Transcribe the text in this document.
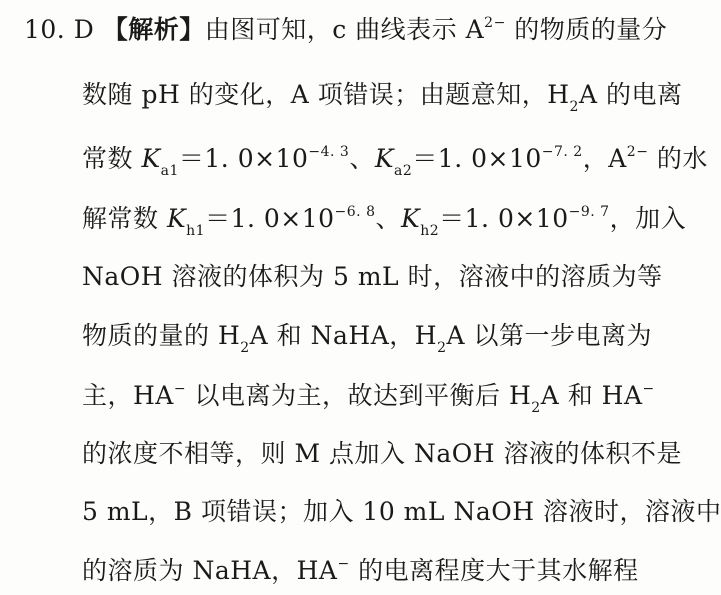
10. D 【解析】由图可知，c 曲线表示 $A^{2-}$ 的物质的量分
数随 pH 的变化，A 项错误；由题意知，$H_2A$ 的电离
常数 $K_{a1}=1$. $0\times 10^{-4. 3}$、$K_{a2}=1$. $0\times 10^{-7. 2}$，$A^{2-}$ 的水
解常数 $K_{h1}=1$. $0\times 10^{-6. 8}$、$K_{h2}=1$. $0\times 10^{-9. 7}$，加入
NaOH 溶液的体积为 5 mL 时，溶液中的溶质为等
物质的量的 $H_2A$ 和 NaHA，$H_2A$ 以第一步电离为
主，HA− 以电离为主，故达到平衡后 $H_2A$ 和 HA−
的浓度不相等，则 M 点加入 NaOH 溶液的体积不是
5 mL，B 项错误；加入 10 mL NaOH 溶液时，溶液中
的溶质为 NaHA，HA− 的电离程度大于其水解程
